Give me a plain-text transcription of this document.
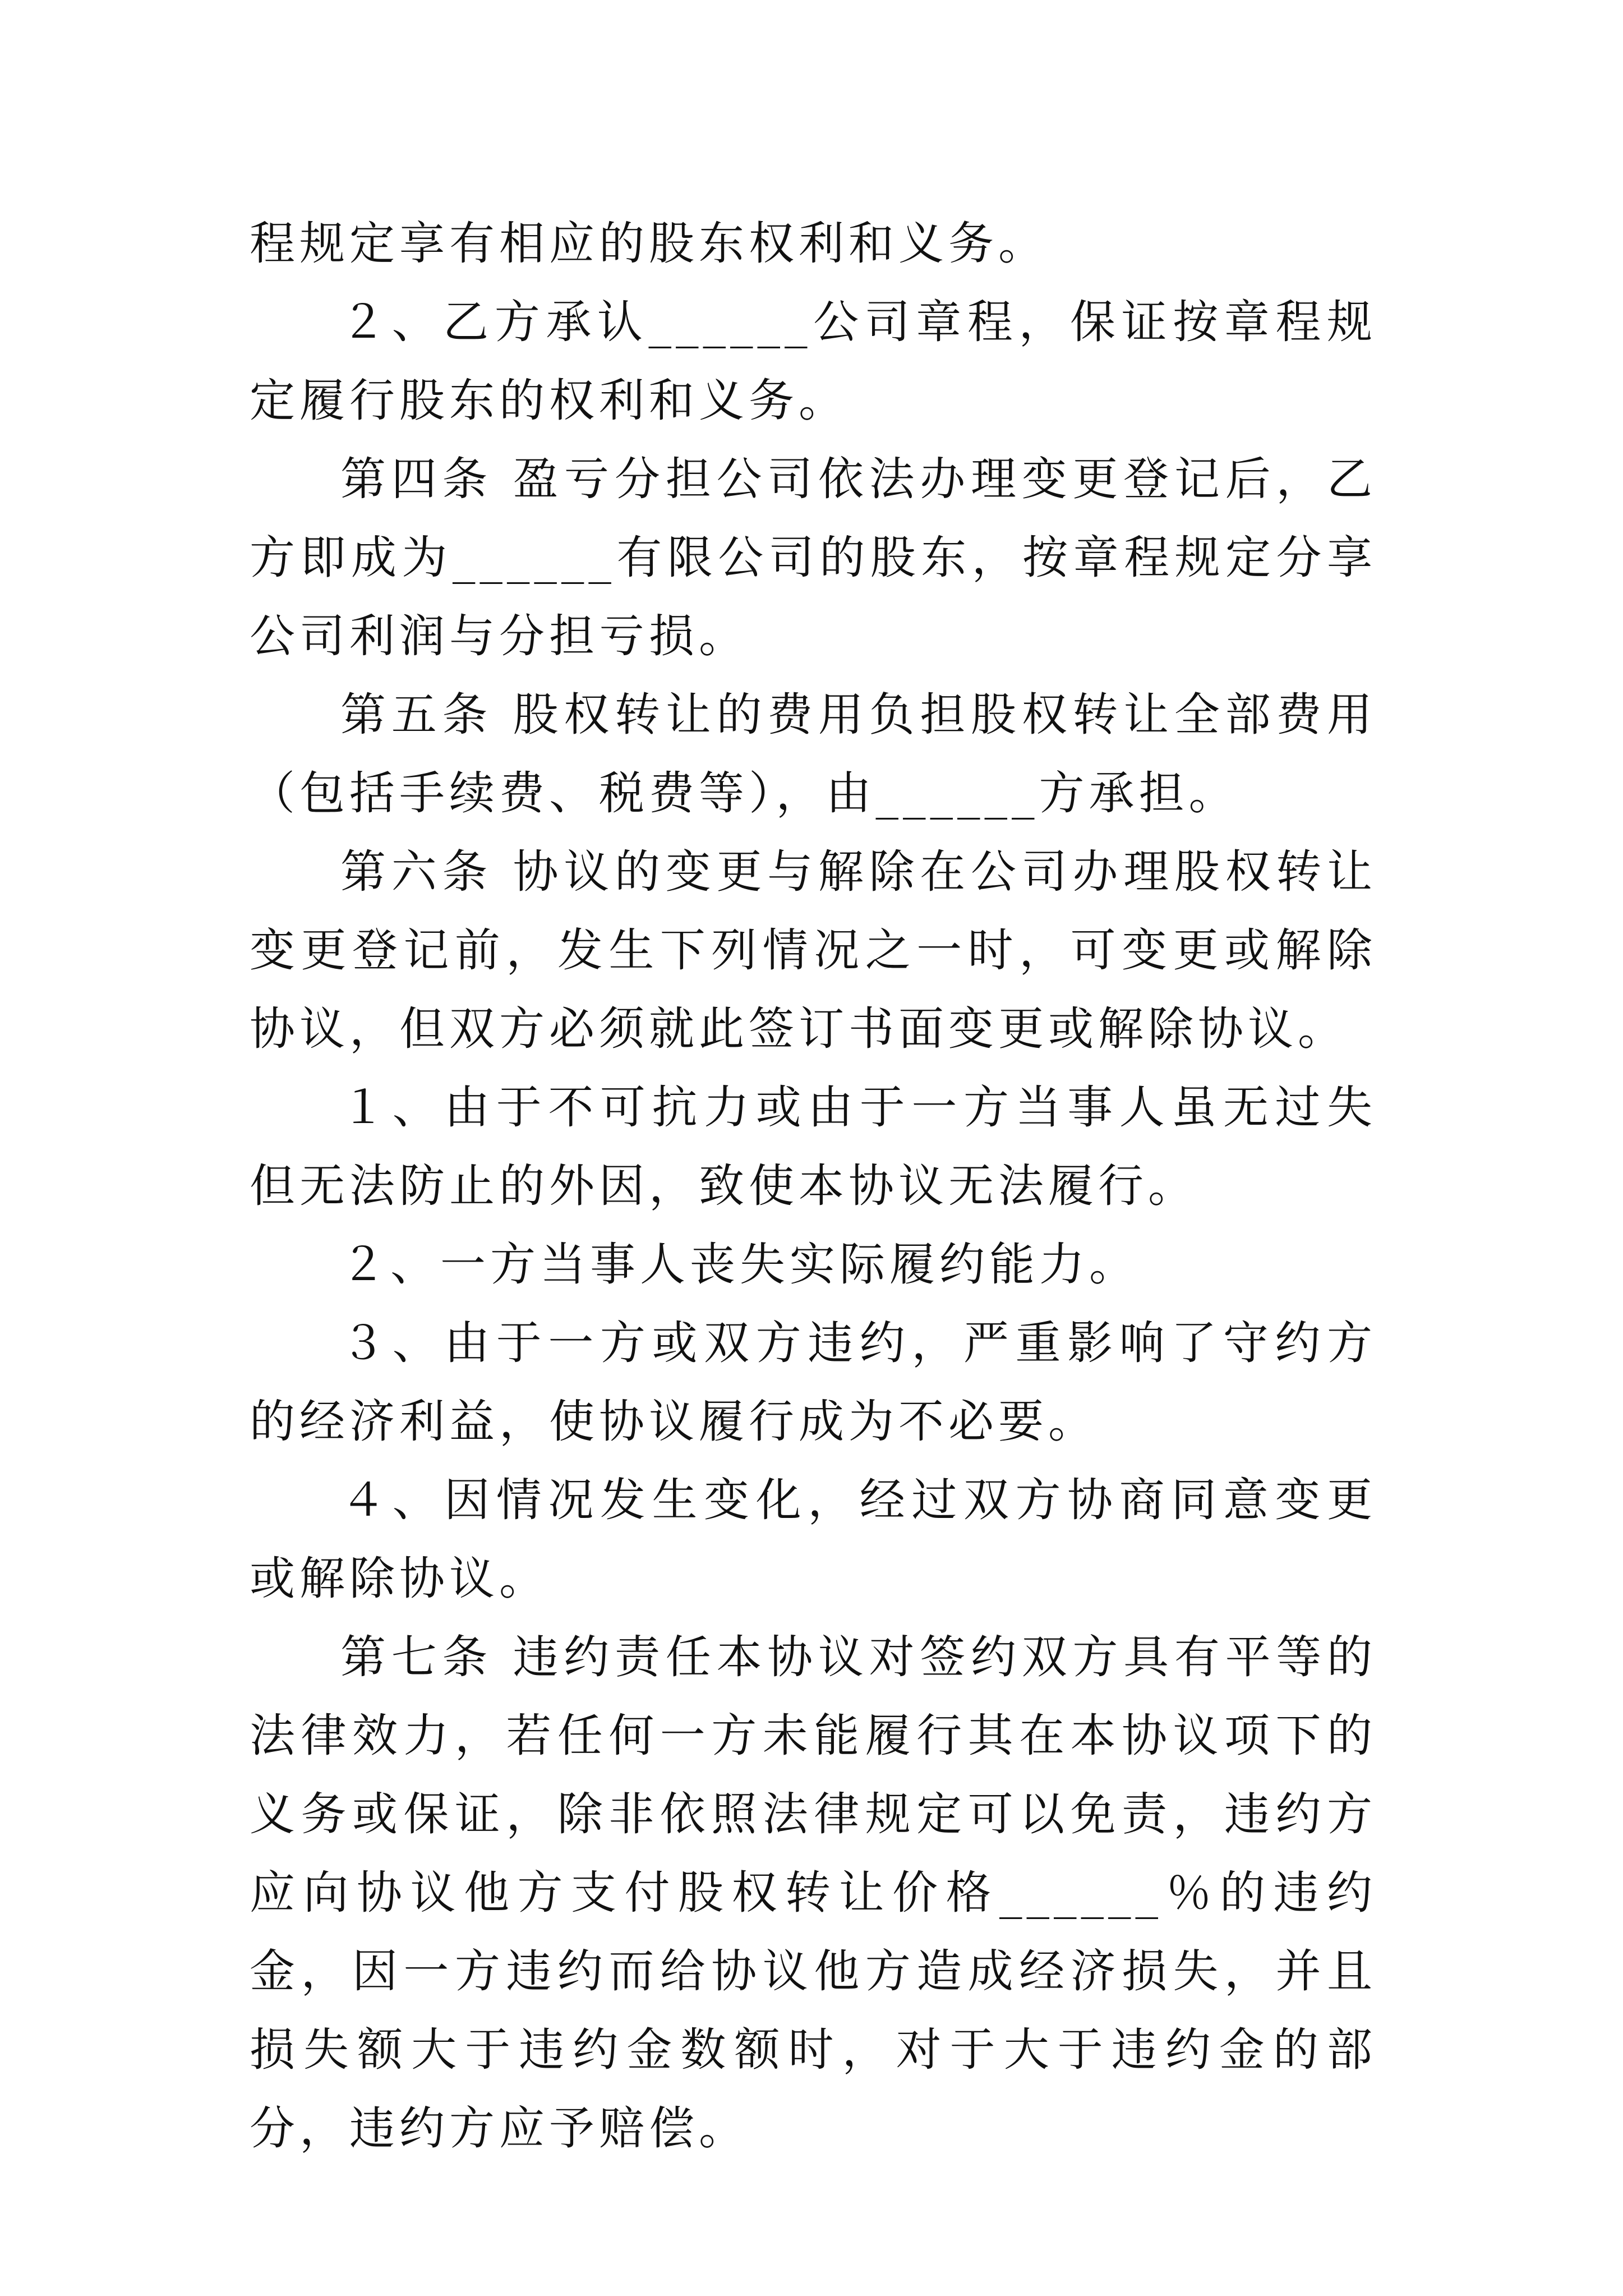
程规定享有相应的股东权利和义务。

２、乙方承认______公司章程，保证按章程规定履行股东的权利和义务。

第四条 盈亏分担公司依法办理变更登记后，乙方即成为______有限公司的股东，按章程规定分享公司利润与分担亏损。

第五条 股权转让的费用负担股权转让全部费用（包括手续费、税费等），由______方承担。

第六条 协议的变更与解除在公司办理股权转让变更登记前，发生下列情况之一时，可变更或解除协议，但双方必须就此签订书面变更或解除协议。

１、由于不可抗力或由于一方当事人虽无过失但无法防止的外因，致使本协议无法履行。

２、一方当事人丧失实际履约能力。

３、由于一方或双方违约，严重影响了守约方的经济利益，使协议履行成为不必要。

４、因情况发生变化，经过双方协商同意变更或解除协议。

第七条 违约责任本协议对签约双方具有平等的法律效力，若任何一方未能履行其在本协议项下的义务或保证，除非依照法律规定可以免责，违约方应向协议他方支付股权转让价格______％的违约金，因一方违约而给协议他方造成经济损失，并且损失额大于违约金数额时，对于大于违约金的部分，违约方应予赔偿。
